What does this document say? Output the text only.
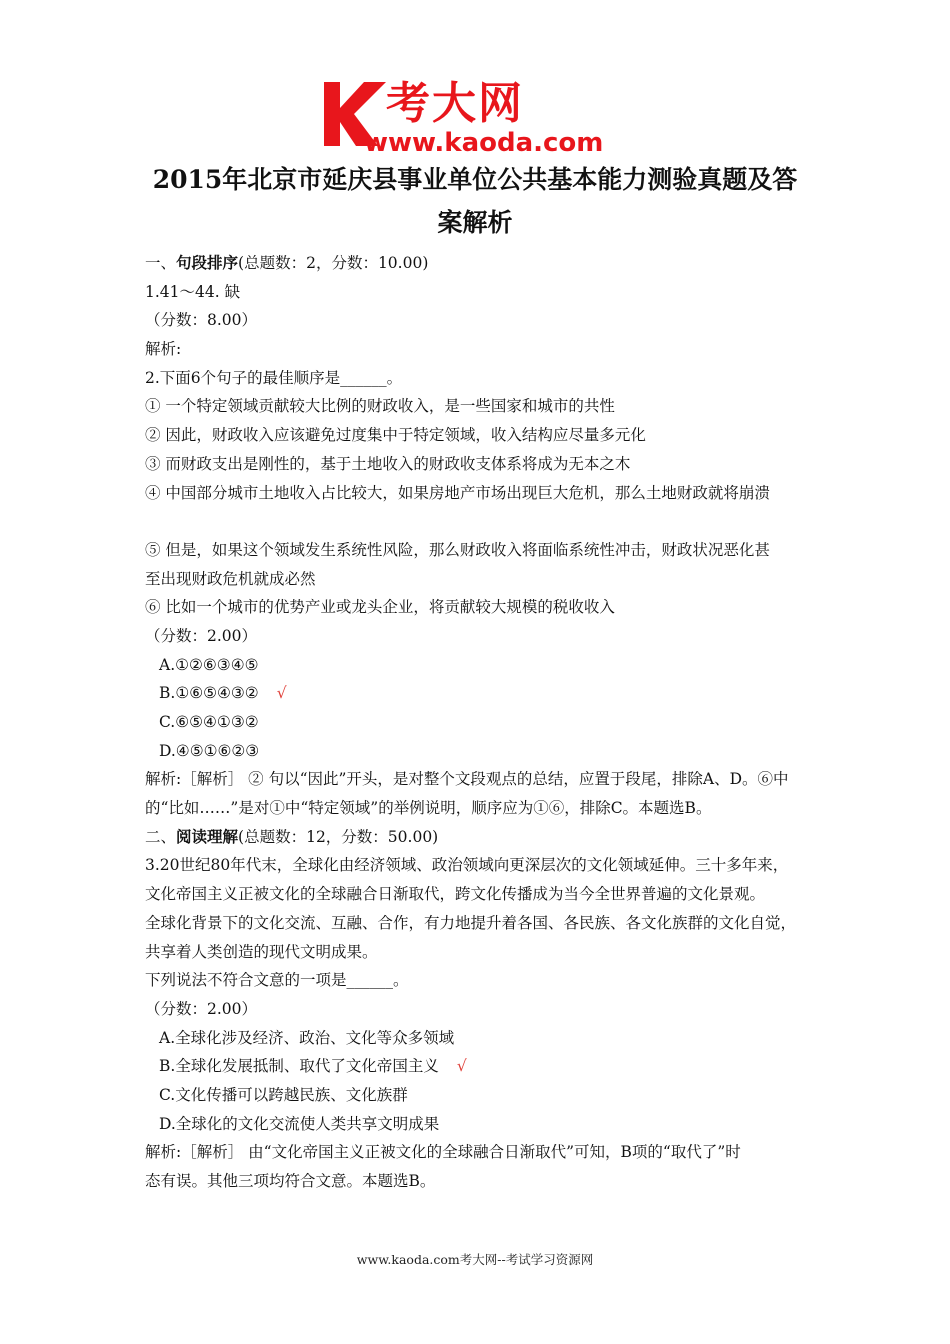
考大网
www.kaoda.com
2015年北京市延庆县事业单位公共基本能力测验真题及答
案解析
一、句段排序(总题数：2，分数：10.00)
1.41～44. 缺
（分数：8.00）
解析:
2.下面6个句子的最佳顺序是______。
① 一个特定领域贡献较大比例的财政收入，是一些国家和城市的共性
② 因此，财政收入应该避免过度集中于特定领域，收入结构应尽量多元化
③ 而财政支出是刚性的，基于土地收入的财政收支体系将成为无本之木
④ 中国部分城市土地收入占比较大，如果房地产市场出现巨大危机，那么土地财政就将崩溃
⑤ 但是，如果这个领域发生系统性风险，那么财政收入将面临系统性冲击，财政状况恶化甚
至出现财政危机就成必然
⑥ 比如一个城市的优势产业或龙头企业，将贡献较大规模的税收收入
（分数：2.00）
A.①②⑥③④⑤
B.①⑥⑤④③② √
C.⑥⑤④①③②
D.④⑤①⑥②③
解析:［解析］ ② 句以“因此”开头，是对整个文段观点的总结，应置于段尾，排除A、D。⑥中
的“比如……”是对①中“特定领域”的举例说明，顺序应为①⑥，排除C。本题选B。
二、阅读理解(总题数：12，分数：50.00)
3.20世纪80年代末，全球化由经济领域、政治领域向更深层次的文化领域延伸。三十多年来，
文化帝国主义正被文化的全球融合日渐取代，跨文化传播成为当今全世界普遍的文化景观。
全球化背景下的文化交流、互融、合作，有力地提升着各国、各民族、各文化族群的文化自觉，
共享着人类创造的现代文明成果。
下列说法不符合文意的一项是______。
（分数：2.00）
A.全球化涉及经济、政治、文化等众多领域
B.全球化发展抵制、取代了文化帝国主义 √
C.文化传播可以跨越民族、文化族群
D.全球化的文化交流使人类共享文明成果
解析:［解析］ 由“文化帝国主义正被文化的全球融合日渐取代”可知，B项的“取代了”时
态有误。其他三项均符合文意。本题选B。
www.kaoda.com考大网--考试学习资源网
